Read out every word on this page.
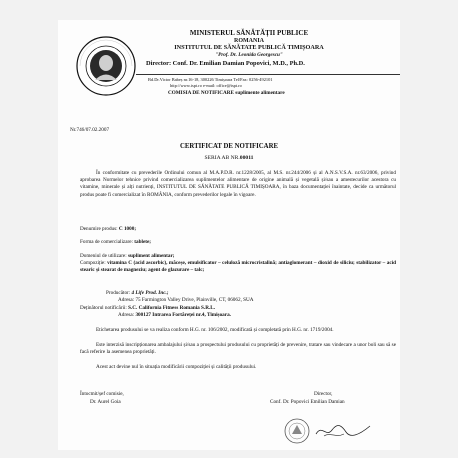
MINISTERUL SĂNĂTĂȚII PUBLICE
ROMANIA
INSTITUTUL DE SĂNĂTATE PUBLICĂ TIMIȘOARA
"Prof. Dr. Leonida Georgescu"
Director: Conf. Dr. Emilian Damian Popovici, M.D., Ph.D.
Bd.Dr.Victor Babeș nr.16-18, 300226 Timișoara Tel/Fax: 0256-492101
http://www.ispt.ro e-mail: office@ispt.ro
COMISIA DE NOTIFICARE suplimente alimentare
Nr.746/07.02.2007
CERTIFICAT DE NOTIFICARE
SERIA AB NR.00011
În conformitate cu prevederile Ordinului comun al M.A.P.D.R. nr.1228/2005, al M.S. nr.244/2006 și al A.N.S.V.S.A. nr.63/2006, privind aprobarea Normelor tehnice privind comercializarea suplimentelor alimentare de origine animală și vegetală și/sau a amestecurilor acestora cu vitamine, minerale și alți nutrienți, INSTITUTUL DE SĂNĂTATE PUBLICĂ TIMIȘOARA, în baza documentației înaintate, decide ca următorul produs poate fi comercializat în ROMÂNIA, conform prevederilor legale în vigoare.
Denumire produs: C 1000;
Forma de comercializare: tablete;
Domeniul de utilizare: supliment alimentar;
Compoziție: vitamina C (acid ascorbic), măceșe, emulsificator – celuloză microcristalină; antiaglomerant – dioxid de siliciu; stabilizator – acid stearic și stearat de magneziu; agent de glazurare – talc;
Producător: 4 Life Prod. Inc.;
Adresa: 75 Farmington Valley Drive, Plainville, CT, 06062, SUA
Deținătorul notificării: S.C. California Fitness Romania S.R.L.
Adresa: 300127 Intrarea Fortăreței nr.4, Timișoara.
Etichetarea produsului se va realiza conform H.G. nr. 106/2002, modificată și completată prin H.G. nr. 1719/2004.
Este interzisă inscripționarea ambalajului și/sau a prospectului produsului cu proprietăți de prevenire, tratare sau vindecare a unor boli sau să se facă referire la asemenea proprietăți.
Acest act devine nul în situația modificării compoziției și calității produsului.
Întocmit/șef comisie,
Dr. Aurel Goia
Director,
Conf. Dr. Popovici Emilian Damian
